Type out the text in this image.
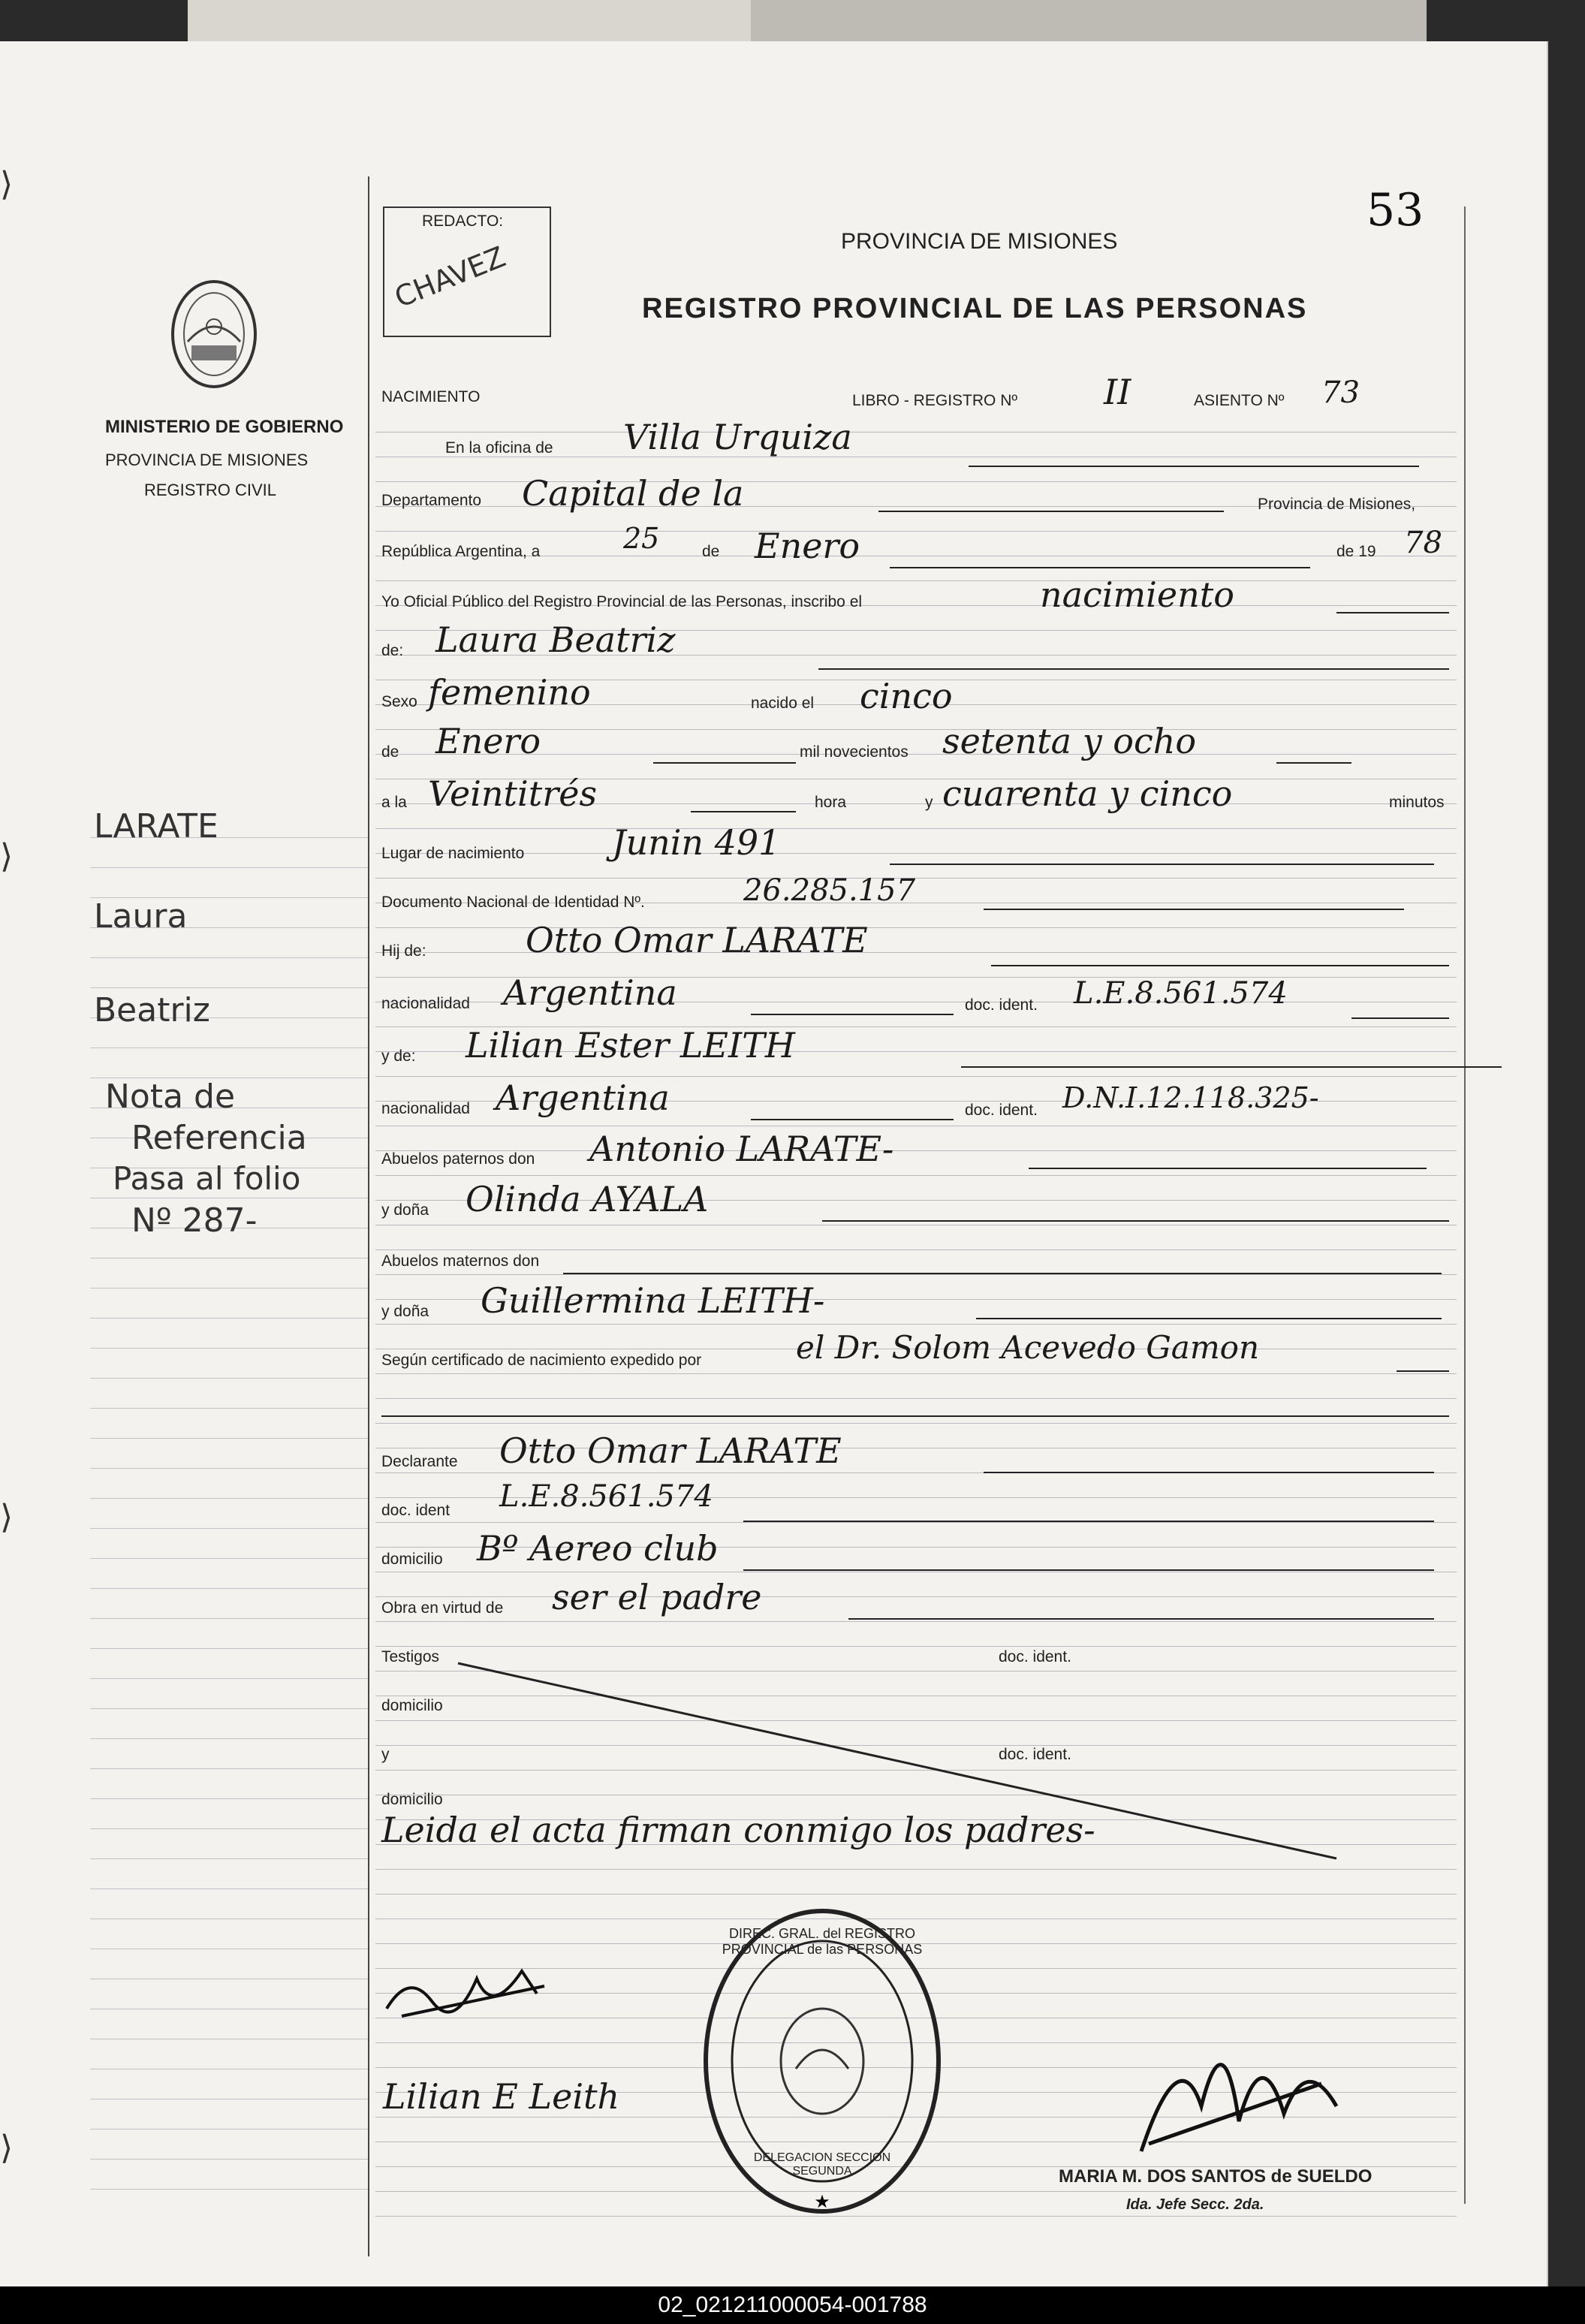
⟩
⟩
⟩
⟩
REDACTO:
CHAVEZ
53
PROVINCIA DE MISIONES
REGISTRO PROVINCIAL DE LAS PERSONAS
MINISTERIO DE GOBIERNO
PROVINCIA DE MISIONES
REGISTRO CIVIL
NACIMIENTO	LIBRO - REGISTRO Nº II	ASIENTO Nº 73
En la oficina de Villa Urquiza
Departamento Capital de la	Provincia de Misiones,
República Argentina, a	25	de Enero	de 19 78
Yo Oficial Público del Registro Provincial de las Personas, inscribo el	nacimiento
de: Laura Beatriz
Sexo femenino	nacido el cinco
de Enero	mil novecientos setenta y ocho
a la Veintitrés	hora	y cuarenta y cinco	minutos
Lugar de nacimiento	Junin 491
Documento Nacional de Identidad Nº.	26.285.157
Hij de:	Otto Omar LARATE
nacionalidad Argentina	doc. ident. L.E.8.561.574
y de: Lilian Ester LEITH
nacionalidad Argentina	doc. ident. D.N.I.12.118.325-
Abuelos paternos don Antonio LARATE-
y doña Olinda AYALA
Abuelos maternos don
y doña Guillermina LEITH-
Según certificado de nacimiento expedido por	el Dr. Solom Acevedo Gamon
Declarante Otto Omar LARATE
doc. ident L.E.8.561.574
domicilio Bº Aereo club
Obra en virtud de ser el padre
Testigos	doc. ident.
domicilio
y	doc. ident.
domicilio
Leida el acta firman conmigo los padres-
Lilian E Leith
★
DIREC. GRAL. del REGISTRO PROVINCIAL de las PERSONAS
DELEGACION SECCION SEGUNDA	MARIA M. DOS SANTOS de SUELDO
Ida. Jefe Secc. 2da.
LARATE
Laura
Beatriz
Nota de
Referencia
Pasa al folio
Nº 287-
02_021211000054-001788
